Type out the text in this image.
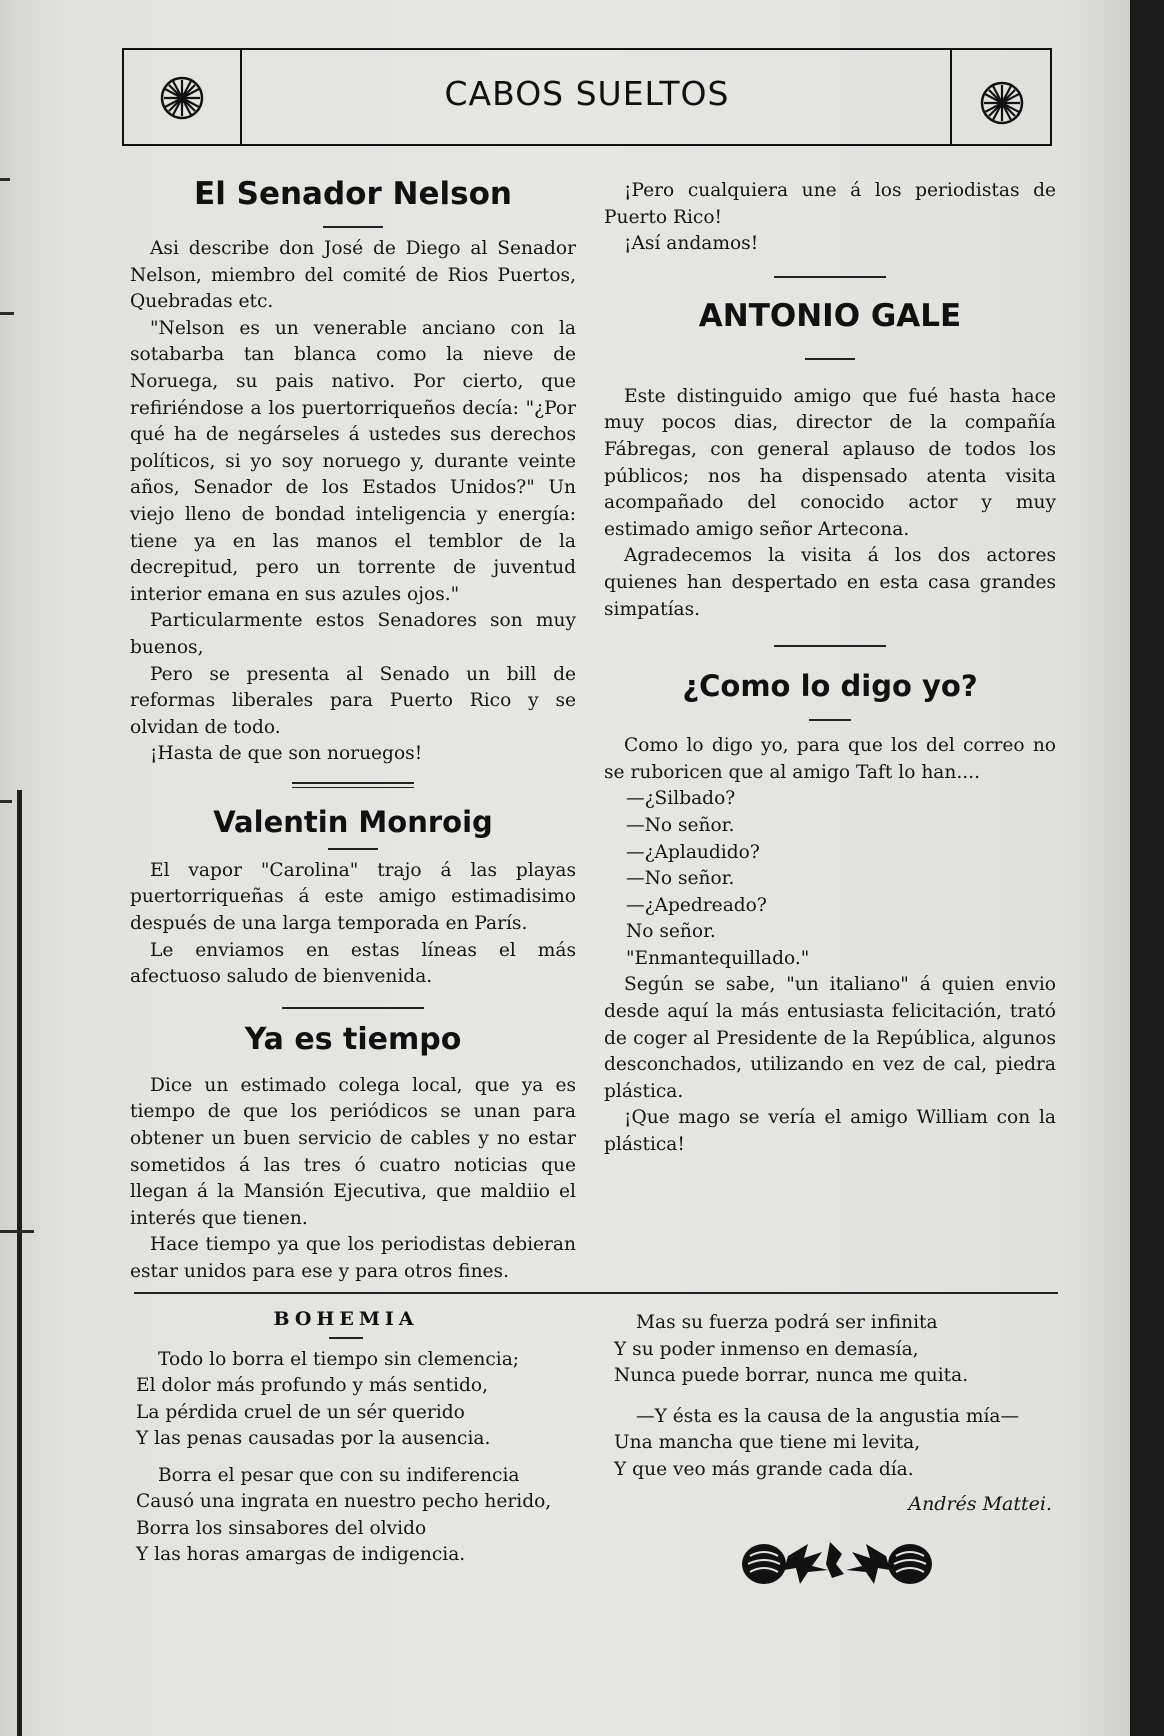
CABOS SUELTOS
El Senador Nelson

Asi describe don José de Diego al Senador Nelson, miembro del comité de Rios Puertos, Quebradas etc.

"Nelson es un venerable anciano con la sotabarba tan blanca como la nieve de Noruega, su pais nativo. Por cierto, que refiriéndose a los puertorriqueños decía: "¿Por qué ha de negárseles á ustedes sus derechos políticos, si yo soy noruego y, durante veinte años, Senador de los Estados Unidos?" Un viejo lleno de bondad inteligencia y energía: tiene ya en las manos el temblor de la decrepitud, pero un torrente de juventud interior emana en sus azules ojos."

Particularmente estos Senadores son muy buenos,

Pero se presenta al Senado un bill de reformas liberales para Puerto Rico y se olvidan de todo.

¡Hasta de que son noruegos!

Valentin Monroig

El vapor "Carolina" trajo á las playas puertorriqueñas á este amigo estimadisimo después de una larga temporada en París.

Le enviamos en estas líneas el más afectuoso saludo de bienvenida.

Ya es tiempo

Dice un estimado colega local, que ya es tiempo de que los periódicos se unan para obtener un buen servicio de cables y no estar sometidos á las tres ó cuatro noticias que llegan á la Mansión Ejecutiva, que maldiio el interés que tienen.

Hace tiempo ya que los periodistas debieran estar unidos para ese y para otros fines.

¡Pero cualquiera une á los periodistas de Puerto Rico!

¡Así andamos!

ANTONIO GALE

Este distinguido amigo que fué hasta hace muy pocos dias, director de la compañía Fábregas, con general aplauso de todos los públicos; nos ha dispensado atenta visita acompañado del conocido actor y muy estimado amigo señor Artecona.

Agradecemos la visita á los dos actores quienes han despertado en esta casa grandes simpatías.

¿Como lo digo yo?

Como lo digo yo, para que los del correo no se ruboricen que al amigo Taft lo han....

—¿Silbado?

—No señor.

—¿Aplaudido?

—No señor.

—¿Apedreado?

No señor.

"Enmantequillado."

Según se sabe, "un italiano" á quien envio desde aquí la más entusiasta felicitación, trató de coger al Presidente de la República, algunos desconchados, utilizando en vez de cal, piedra plástica.

¡Que mago se vería el amigo William con la plástica!

BOHEMIA

Todo lo borra el tiempo sin clemencia;

El dolor más profundo y más sentido,

La pérdida cruel de un sér querido

Y las penas causadas por la ausencia.

Borra el pesar que con su indiferencia

Causó una ingrata en nuestro pecho herido,

Borra los sinsabores del olvido

Y las horas amargas de indigencia.

Mas su fuerza podrá ser infinita

Y su poder inmenso en demasía,

Nunca puede borrar, nunca me quita.

—Y ésta es la causa de la angustia mía—

Una mancha que tiene mi levita,

Y que veo más grande cada día.

Andrés Mattei.
